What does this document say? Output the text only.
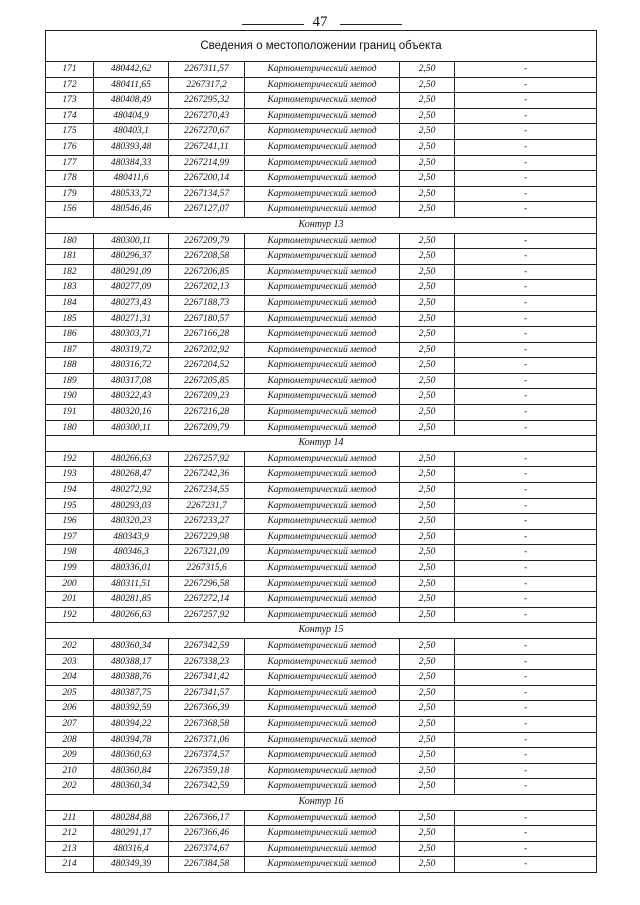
47
Сведения о местоположении границ объекта					
171	480442,62	2267311,57	Картометрический метод	2,50	-
172	480411,65	2267317,2	Картометрический метод	2,50	-
173	480408,49	2267295,32	Картометрический метод	2,50	-
174	480404,9	2267270,43	Картометрический метод	2,50	-
175	480403,1	2267270,67	Картометрический метод	2,50	-
176	480393,48	2267241,11	Картометрический метод	2,50	-
177	480384,33	2267214,99	Картометрический метод	2,50	-
178	480411,6	2267200,14	Картометрический метод	2,50	-
179	480533,72	2267134,57	Картометрический метод	2,50	-
156	480546,46	2267127,07	Картометрический метод	2,50	-
Контур 13					
180	480300,11	2267209,79	Картометрический метод	2,50	-
181	480296,37	2267208,58	Картометрический метод	2,50	-
182	480291,09	2267206,85	Картометрический метод	2,50	-
183	480277,09	2267202,13	Картометрический метод	2,50	-
184	480273,43	2267188,73	Картометрический метод	2,50	-
185	480271,31	2267180,57	Картометрический метод	2,50	-
186	480303,71	2267166,28	Картометрический метод	2,50	-
187	480319,72	2267202,92	Картометрический метод	2,50	-
188	480316,72	2267204,52	Картометрический метод	2,50	-
189	480317,08	2267205,85	Картометрический метод	2,50	-
190	480322,43	2267209,23	Картометрический метод	2,50	-
191	480320,16	2267216,28	Картометрический метод	2,50	-
180	480300,11	2267209,79	Картометрический метод	2,50	-
Контур 14					
192	480266,63	2267257,92	Картометрический метод	2,50	-
193	480268,47	2267242,36	Картометрический метод	2,50	-
194	480272,92	2267234,55	Картометрический метод	2,50	-
195	480293,03	2267231,7	Картометрический метод	2,50	-
196	480320,23	2267233,27	Картометрический метод	2,50	-
197	480343,9	2267229,98	Картометрический метод	2,50	-
198	480346,3	2267321,09	Картометрический метод	2,50	-
199	480336,01	2267315,6	Картометрический метод	2,50	-
200	480311,51	2267296,58	Картометрический метод	2,50	-
201	480281,85	2267272,14	Картометрический метод	2,50	-
192	480266,63	2267257,92	Картометрический метод	2,50	-
Контур 15					
202	480360,34	2267342,59	Картометрический метод	2,50	-
203	480388,17	2267338,23	Картометрический метод	2,50	-
204	480388,76	2267341,42	Картометрический метод	2,50	-
205	480387,75	2267341,57	Картометрический метод	2,50	-
206	480392,59	2267366,39	Картометрический метод	2,50	-
207	480394,22	2267368,58	Картометрический метод	2,50	-
208	480394,78	2267371,06	Картометрический метод	2,50	-
209	480360,63	2267374,57	Картометрический метод	2,50	-
210	480360,84	2267359,18	Картометрический метод	2,50	-
202	480360,34	2267342,59	Картометрический метод	2,50	-
Контур 16					
211	480284,88	2267366,17	Картометрический метод	2,50	-
212	480291,17	2267366,46	Картометрический метод	2,50	-
213	480316,4	2267374,67	Картометрический метод	2,50	-
214	480349,39	2267384,58	Картометрический метод	2,50	-
